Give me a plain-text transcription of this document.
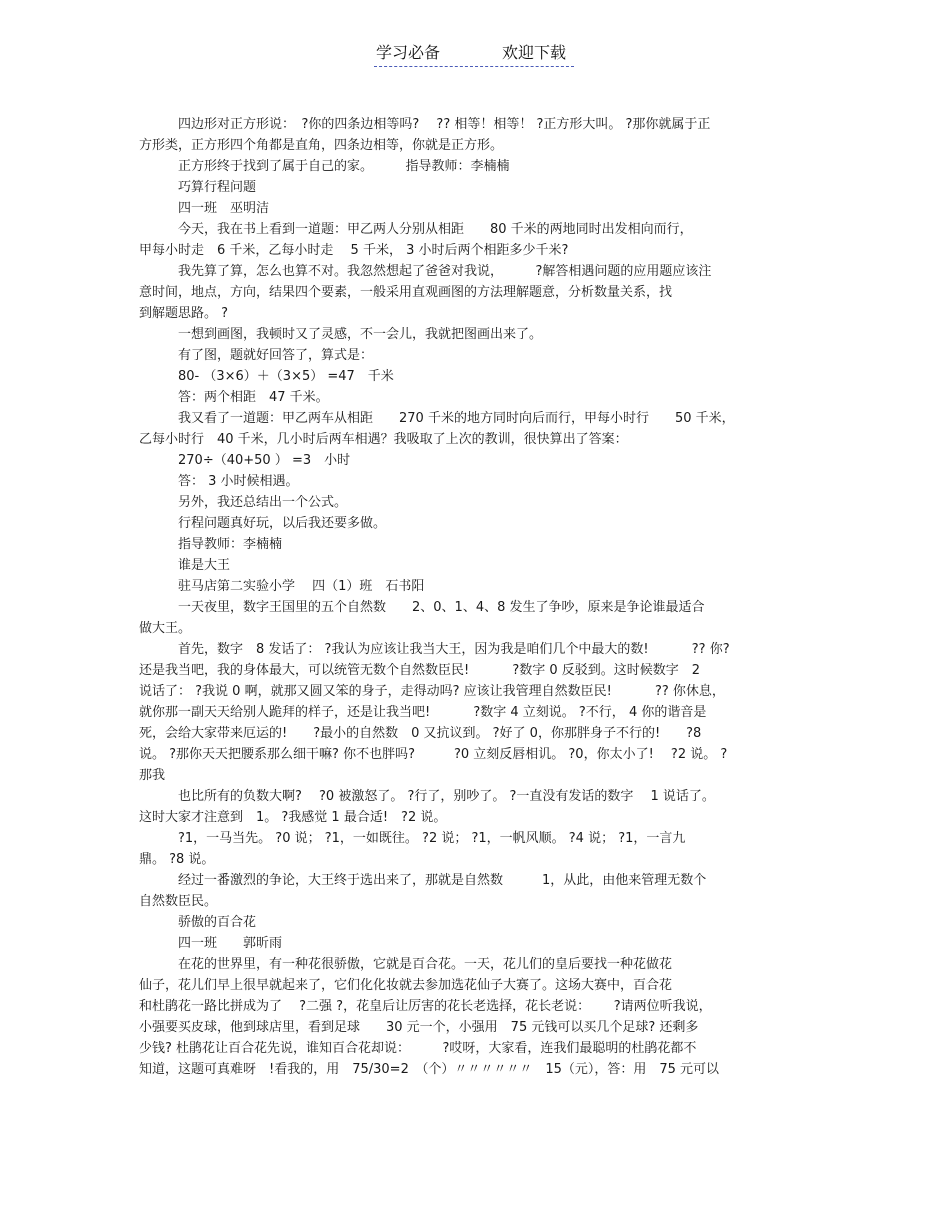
学习必备	欢迎下载
四边形对正方形说：　?你的四条边相等吗?　 ?? 相等！相等！ ?正方形大叫。 ?那你就属于正
方形类，正方形四个角都是直角，四条边相等，你就是正方形。
正方形终于找到了属于自己的家。　　　指导教师：李楠楠
巧算行程问题
四一班　巫明洁
今天，我在书上看到一道题：甲乙两人分别从相距　　80 千米的两地同时出发相向而行，
甲每小时走　6 千米，乙每小时走　 5 千米， 3 小时后两个相距多少千米?
我先算了算，怎么也算不对。我忽然想起了爸爸对我说，　　　?解答相遇问题的应用题应该注
意时间，地点，方向，结果四个要素，一般采用直观画图的方法理解题意，分析数量关系，找
到解题思路。 ?
一想到画图，我顿时又了灵感，不一会儿，我就把图画出来了。
有了图，题就好回答了，算式是：
80- （3×6）＋（3×5） =47　千米
答：两个相距　47 千米。
我又看了一道题：甲乙两车从相距　　270 千米的地方同时向后而行，甲每小时行　　50 千米，
乙每小时行　40 千米，几小时后两车相遇？我吸取了上次的教训，很快算出了答案：
270÷（40+50 ） =3　小时
答： 3 小时候相遇。
另外，我还总结出一个公式。
行程问题真好玩，以后我还要多做。
指导教师：李楠楠
谁是大王
驻马店第二实验小学　 四（1）班　石书阳
一天夜里，数字王国里的五个自然数　　2、0、1、4、8 发生了争吵，原来是争论谁最适合
做大王。
首先，数字　8 发话了： ?我认为应该让我当大王，因为我是咱们几个中最大的数!　　　 ?? 你?
还是我当吧，我的身体最大，可以统管无数个自然数臣民!　　　 ?数字 0 反驳到。这时候数字　2
说话了： ?我说 0 啊，就那又圆又笨的身子，走得动吗? 应该让我管理自然数臣民!　　　 ?? 你休息，
就你那一副天天给别人跪拜的样子，还是让我当吧!　　　 ?数字 4 立刻说。 ?不行， 4 你的谐音是
死，会给大家带来厄运的!　　?最小的自然数　0 又抗议到。 ?好了 0，你那胖身子不行的!　　?8
说。 ?那你天天把腰系那么细干嘛? 你不也胖吗?　　　?0 立刻反唇相讥。 ?0，你太小了!　 ?2 说。 ?
那我
也比所有的负数大啊?　 ?0 被激怒了。 ?行了，别吵了。 ?一直没有发话的数字　 1 说话了。
这时大家才注意到　1。 ?我感觉 1 最合适!　?2 说。
?1，一马当先。 ?0 说； ?1，一如既往。 ?2 说； ?1，一帆风顺。 ?4 说； ?1，一言九
鼎。 ?8 说。
经过一番激烈的争论，大王终于选出来了，那就是自然数　　　1，从此，由他来管理无数个
自然数臣民。
骄傲的百合花
四一班　　郭昕雨
在花的世界里，有一种花很骄傲，它就是百合花。一天，花儿们的皇后要找一种花做花
仙子，花儿们早上很早就起来了，它们化化妆就去参加选花仙子大赛了。这场大赛中，百合花
和杜鹃花一路比拼成为了　 ?二强 ?，花皇后让厉害的花长老选择，花长老说：　　 ?请两位听我说，
小强要买皮球，他到球店里，看到足球　　30 元一个，小强用　75 元钱可以买几个足球? 还剩多
少钱? 杜鹃花让百合花先说，谁知百合花却说：　　　?哎呀，大家看，连我们最聪明的杜鹃花都不
知道，这题可真难呀　!看我的，用　75/30=2　（个）〃〃〃〃〃〃　15（元），答：用　75 元可以
